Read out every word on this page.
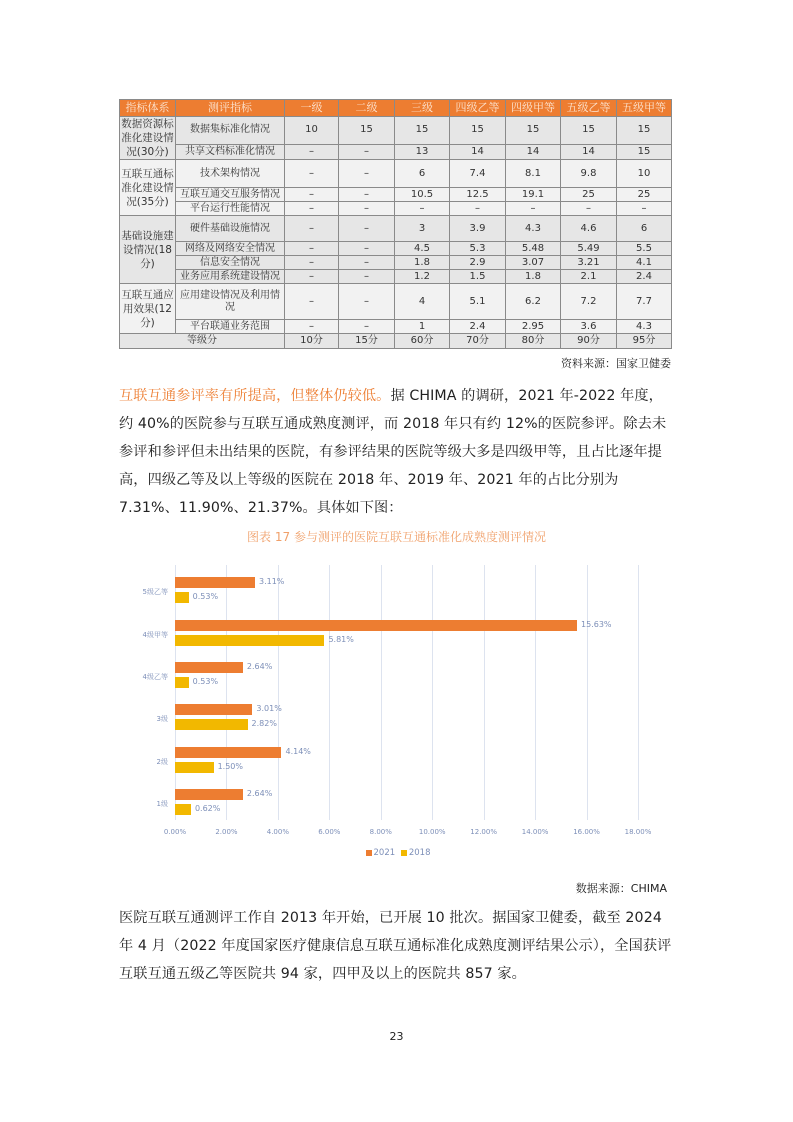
指标体系	测评指标	一级	二级	三级	四级乙等	四级甲等	五级乙等	五级甲等
数据资源标准化建设情况(30分)	数据集标准化情况	10	15	15	15	15	15	15
	共享文档标准化情况	–	–	13	14	14	14	15
互联互通标准化建设情况(35分)	技术架构情况	–	–	6	7.4	8.1	9.8	10
	互联互通交互服务情况	–	–	10.5	12.5	19.1	25	25
	平台运行性能情况	–	–	–	–	–	–	–
基础设施建设情况(18分)	硬件基础设施情况	–	–	3	3.9	4.3	4.6	6
	网络及网络安全情况	–	–	4.5	5.3	5.48	5.49	5.5
	信息安全情况	–	–	1.8	2.9	3.07	3.21	4.1
	业务应用系统建设情况	–	–	1.2	1.5	1.8	2.1	2.4
互联互通应用效果(12分)	应用建设情况及利用情况	–	–	4	5.1	6.2	7.2	7.7
	平台联通业务范围	–	–	1	2.4	2.95	3.6	4.3
等级分		10分	15分	60分	70分	80分	90分	95分
资料来源：国家卫健委
互联互通参评率有所提高，但整体仍较低。据 CHIMA 的调研，2021 年-2022 年度，约 40%的医院参与互联互通成熟度测评，而 2018 年只有约 12%的医院参评。除去未参评和参评但未出结果的医院，有参评结果的医院等级大多是四级甲等，且占比逐年提高，四级乙等及以上等级的医院在 2018 年、2019 年、2021 年的占比分别为 7.31%、11.90%、21.37%。具体如下图：
图表 17 参与测评的医院互联互通标准化成熟度测评情况
2021 2018
0.00%	2.00%	4.00%	6.00%	8.00%	10.00%	12.00%	14.00%	16.00%	18.00%
5级乙等
3.11%
0.53%
4级甲等
15.63%
5.81%
4级乙等
2.64%
0.53%
3级
3.01%
2.82%
2级
4.14%
1.50%
1级
2.64%
0.62%
数据来源：CHIMA
医院互联互通测评工作自 2013 年开始，已开展 10 批次。据国家卫健委，截至 2024 年 4 月（2022 年度国家医疗健康信息互联互通标准化成熟度测评结果公示），全国获评互联互通五级乙等医院共 94 家，四甲及以上的医院共 857 家。
23
